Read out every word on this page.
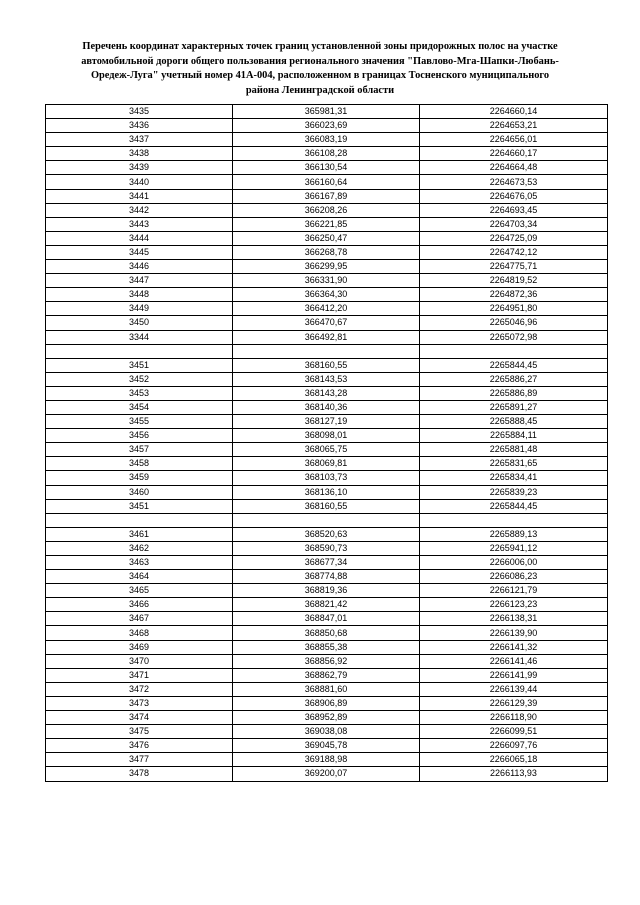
Перечень координат характерных точек границ установленной зоны придорожных полос на участке
автомобильной дороги общего пользования регионального значения "Павлово-Мга-Шапки-Любань-
Оредеж-Луга" учетный номер 41А-004, расположенном в границах Тосненского муниципального
района Ленинградской области
3435	365981,31	2264660,14
3436	366023,69	2264653,21
3437	366083,19	2264656,01
3438	366108,28	2264660,17
3439	366130,54	2264664,48
3440	366160,64	2264673,53
3441	366167,89	2264676,05
3442	366208,26	2264693,45
3443	366221,85	2264703,34
3444	366250,47	2264725,09
3445	366268,78	2264742,12
3446	366299,95	2264775,71
3447	366331,90	2264819,52
3448	366364,30	2264872,36
3449	366412,20	2264951,80
3450	366470,67	2265046,96
3344	366492,81	2265072,98

3451	368160,55	2265844,45
3452	368143,53	2265886,27
3453	368143,28	2265886,89
3454	368140,36	2265891,27
3455	368127,19	2265888,45
3456	368098,01	2265884,11
3457	368065,75	2265881,48
3458	368069,81	2265831,65
3459	368103,73	2265834,41
3460	368136,10	2265839,23
3451	368160,55	2265844,45

3461	368520,63	2265889,13
3462	368590,73	2265941,12
3463	368677,34	2266006,00
3464	368774,88	2266086,23
3465	368819,36	2266121,79
3466	368821,42	2266123,23
3467	368847,01	2266138,31
3468	368850,68	2266139,90
3469	368855,38	2266141,32
3470	368856,92	2266141,46
3471	368862,79	2266141,99
3472	368881,60	2266139,44
3473	368906,89	2266129,39
3474	368952,89	2266118,90
3475	369038,08	2266099,51
3476	369045,78	2266097,76
3477	369188,98	2266065,18
3478	369200,07	2266113,93
